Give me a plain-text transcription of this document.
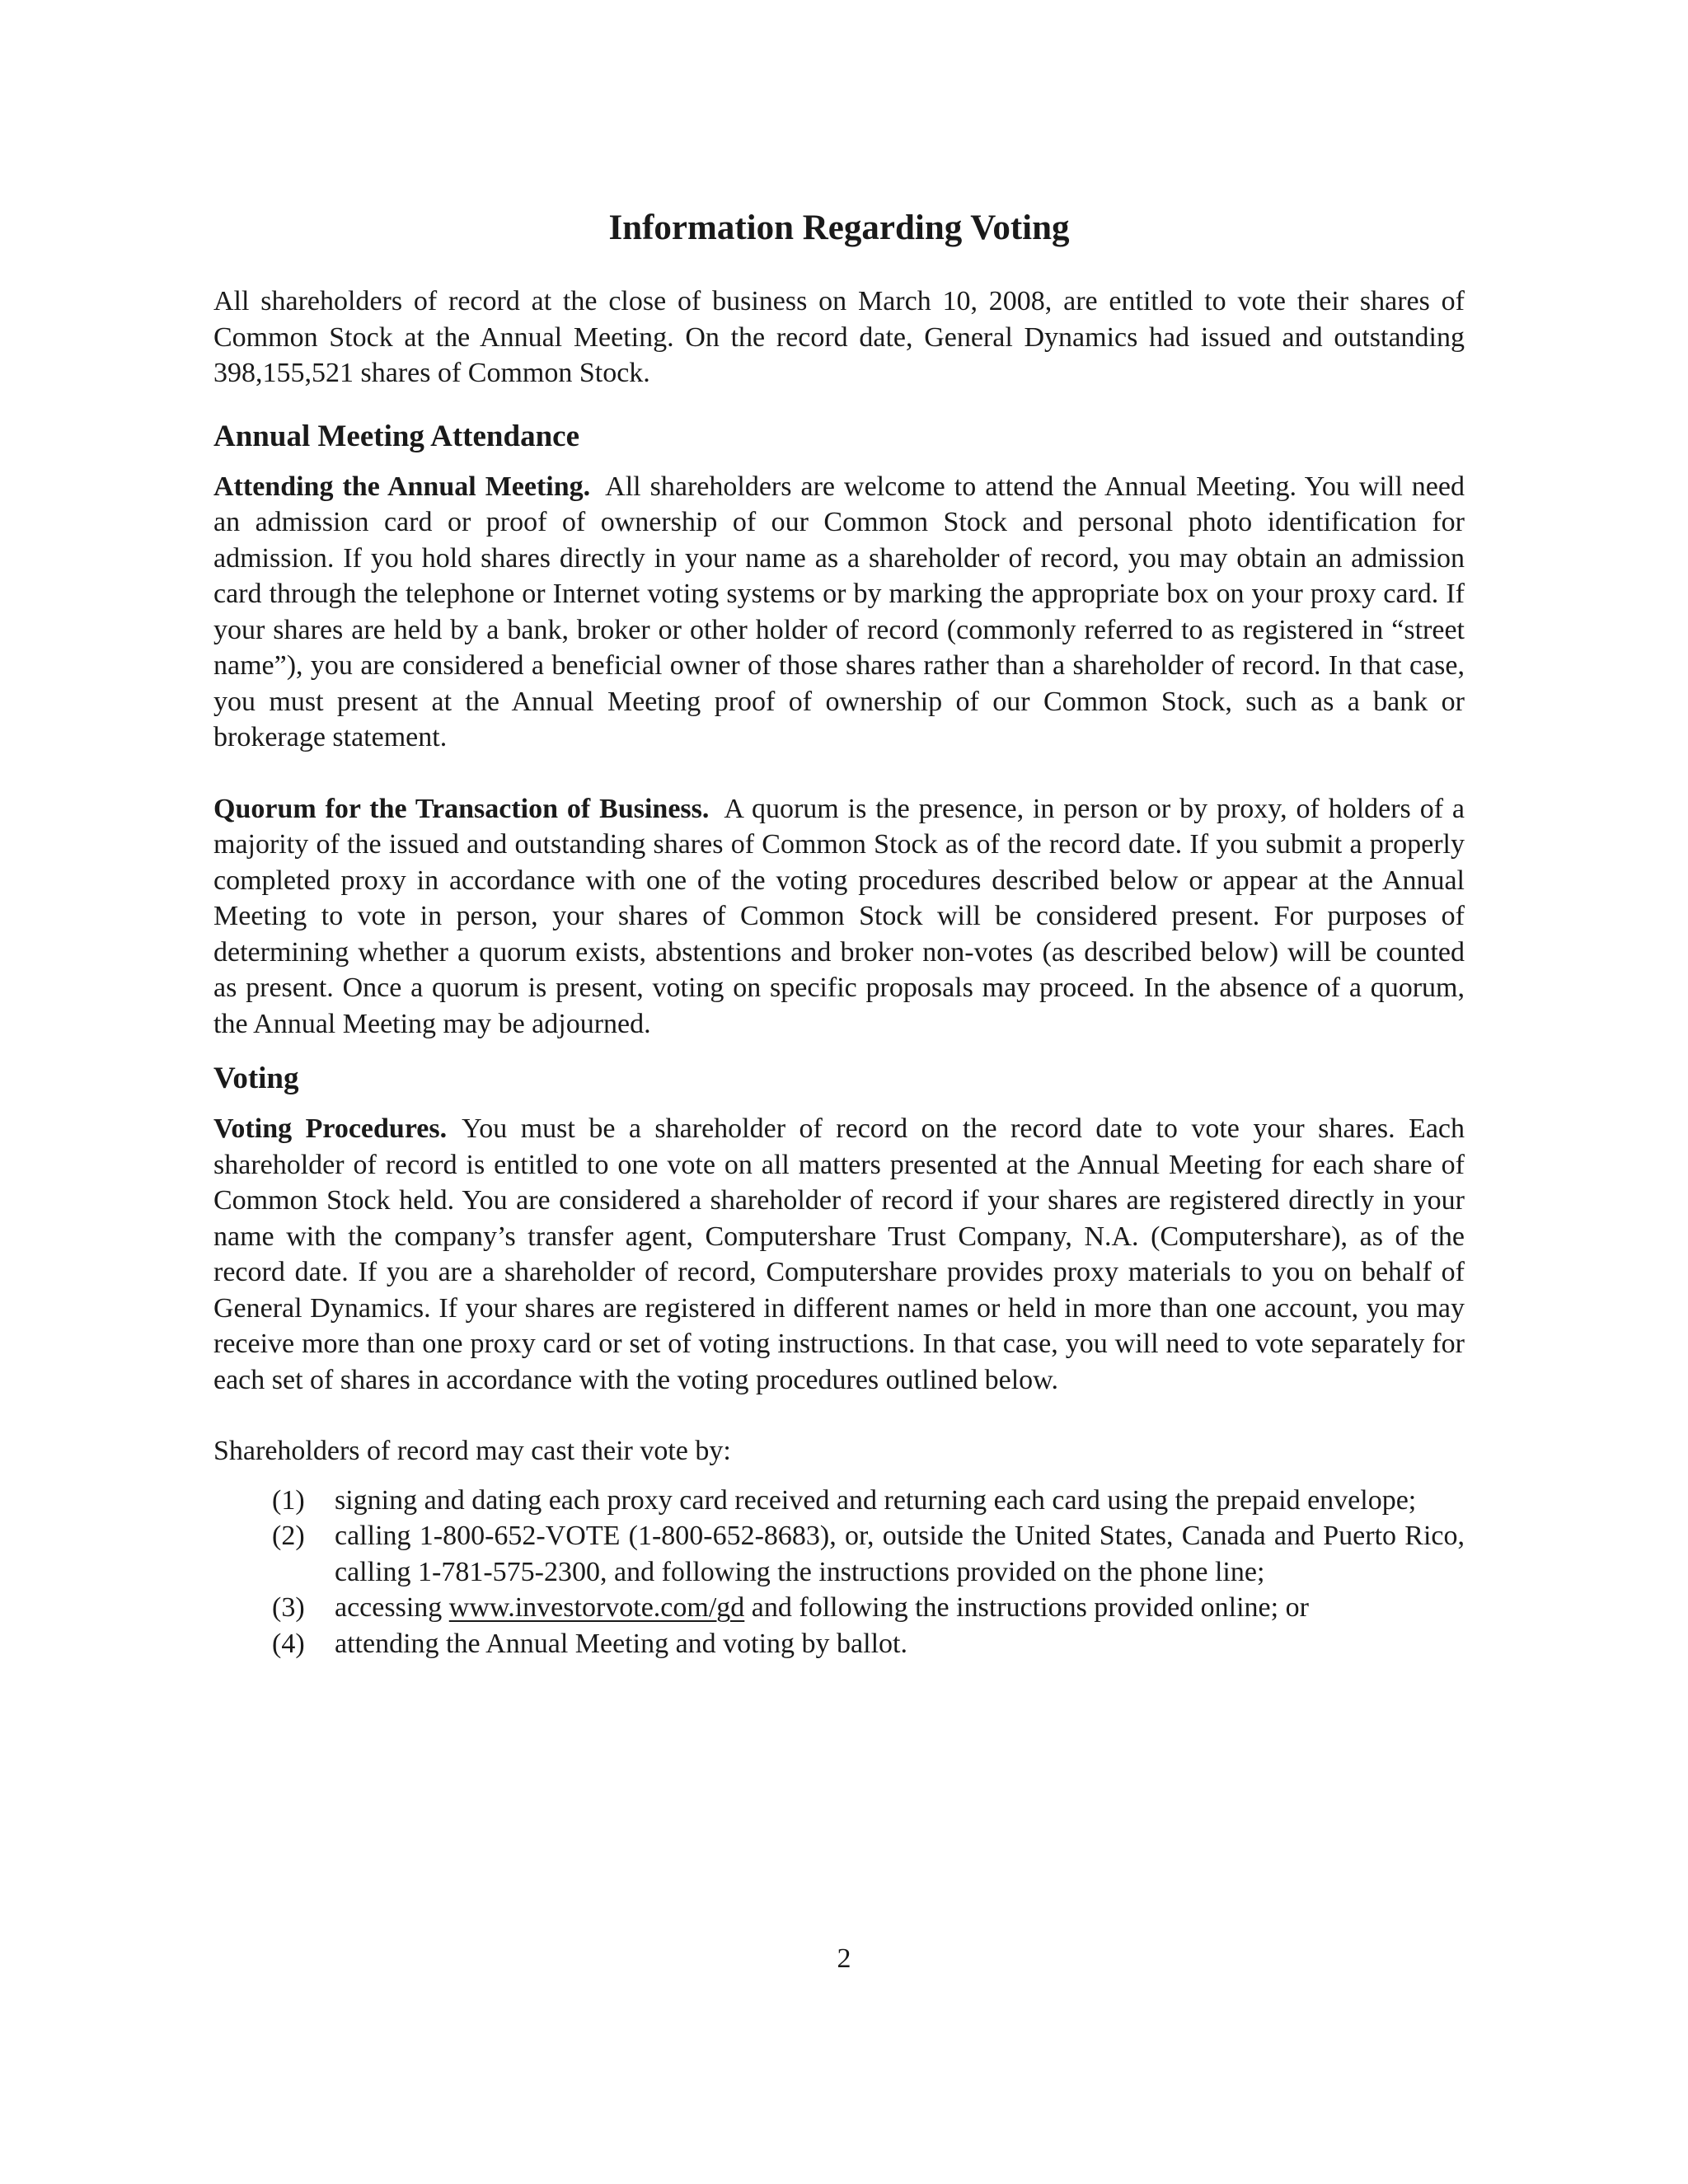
Information Regarding Voting

All shareholders of record at the close of business on March 10, 2008, are entitled to vote their shares of Common Stock at the Annual Meeting. On the record date, General Dynamics had issued and outstanding 398,155,521 shares of Common Stock.

Annual Meeting Attendance

Attending the Annual Meeting. All shareholders are welcome to attend the Annual Meeting. You will need an admission card or proof of ownership of our Common Stock and personal photo identification for admission. If you hold shares directly in your name as a shareholder of record, you may obtain an admission card through the telephone or Internet voting systems or by marking the appropriate box on your proxy card. If your shares are held by a bank, broker or other holder of record (commonly referred to as registered in “street name”), you are considered a beneficial owner of those shares rather than a shareholder of record. In that case, you must present at the Annual Meeting proof of ownership of our Common Stock, such as a bank or brokerage statement.

Quorum for the Transaction of Business. A quorum is the presence, in person or by proxy, of holders of a majority of the issued and outstanding shares of Common Stock as of the record date. If you submit a properly completed proxy in accordance with one of the voting procedures described below or appear at the Annual Meeting to vote in person, your shares of Common Stock will be considered present. For purposes of determining whether a quorum exists, abstentions and broker non-votes (as described below) will be counted as present. Once a quorum is present, voting on specific proposals may proceed. In the absence of a quorum, the Annual Meeting may be adjourned.

Voting

Voting Procedures. You must be a shareholder of record on the record date to vote your shares. Each shareholder of record is entitled to one vote on all matters presented at the Annual Meeting for each share of Common Stock held. You are considered a shareholder of record if your shares are registered directly in your name with the company’s transfer agent, Computershare Trust Company, N.A. (Computershare), as of the record date. If you are a shareholder of record, Computershare provides proxy materials to you on behalf of General Dynamics. If your shares are registered in different names or held in more than one account, you may receive more than one proxy card or set of voting instructions. In that case, you will need to vote separately for each set of shares in accordance with the voting procedures outlined below.

Shareholders of record may cast their vote by:

(1) signing and dating each proxy card received and returning each card using the prepaid envelope;
(2) calling 1-800-652-VOTE (1-800-652-8683), or, outside the United States, Canada and Puerto Rico, calling 1-781-575-2300, and following the instructions provided on the phone line;
(3) accessing www.investorvote.com/gd and following the instructions provided online; or
(4) attending the Annual Meeting and voting by ballot.
2
